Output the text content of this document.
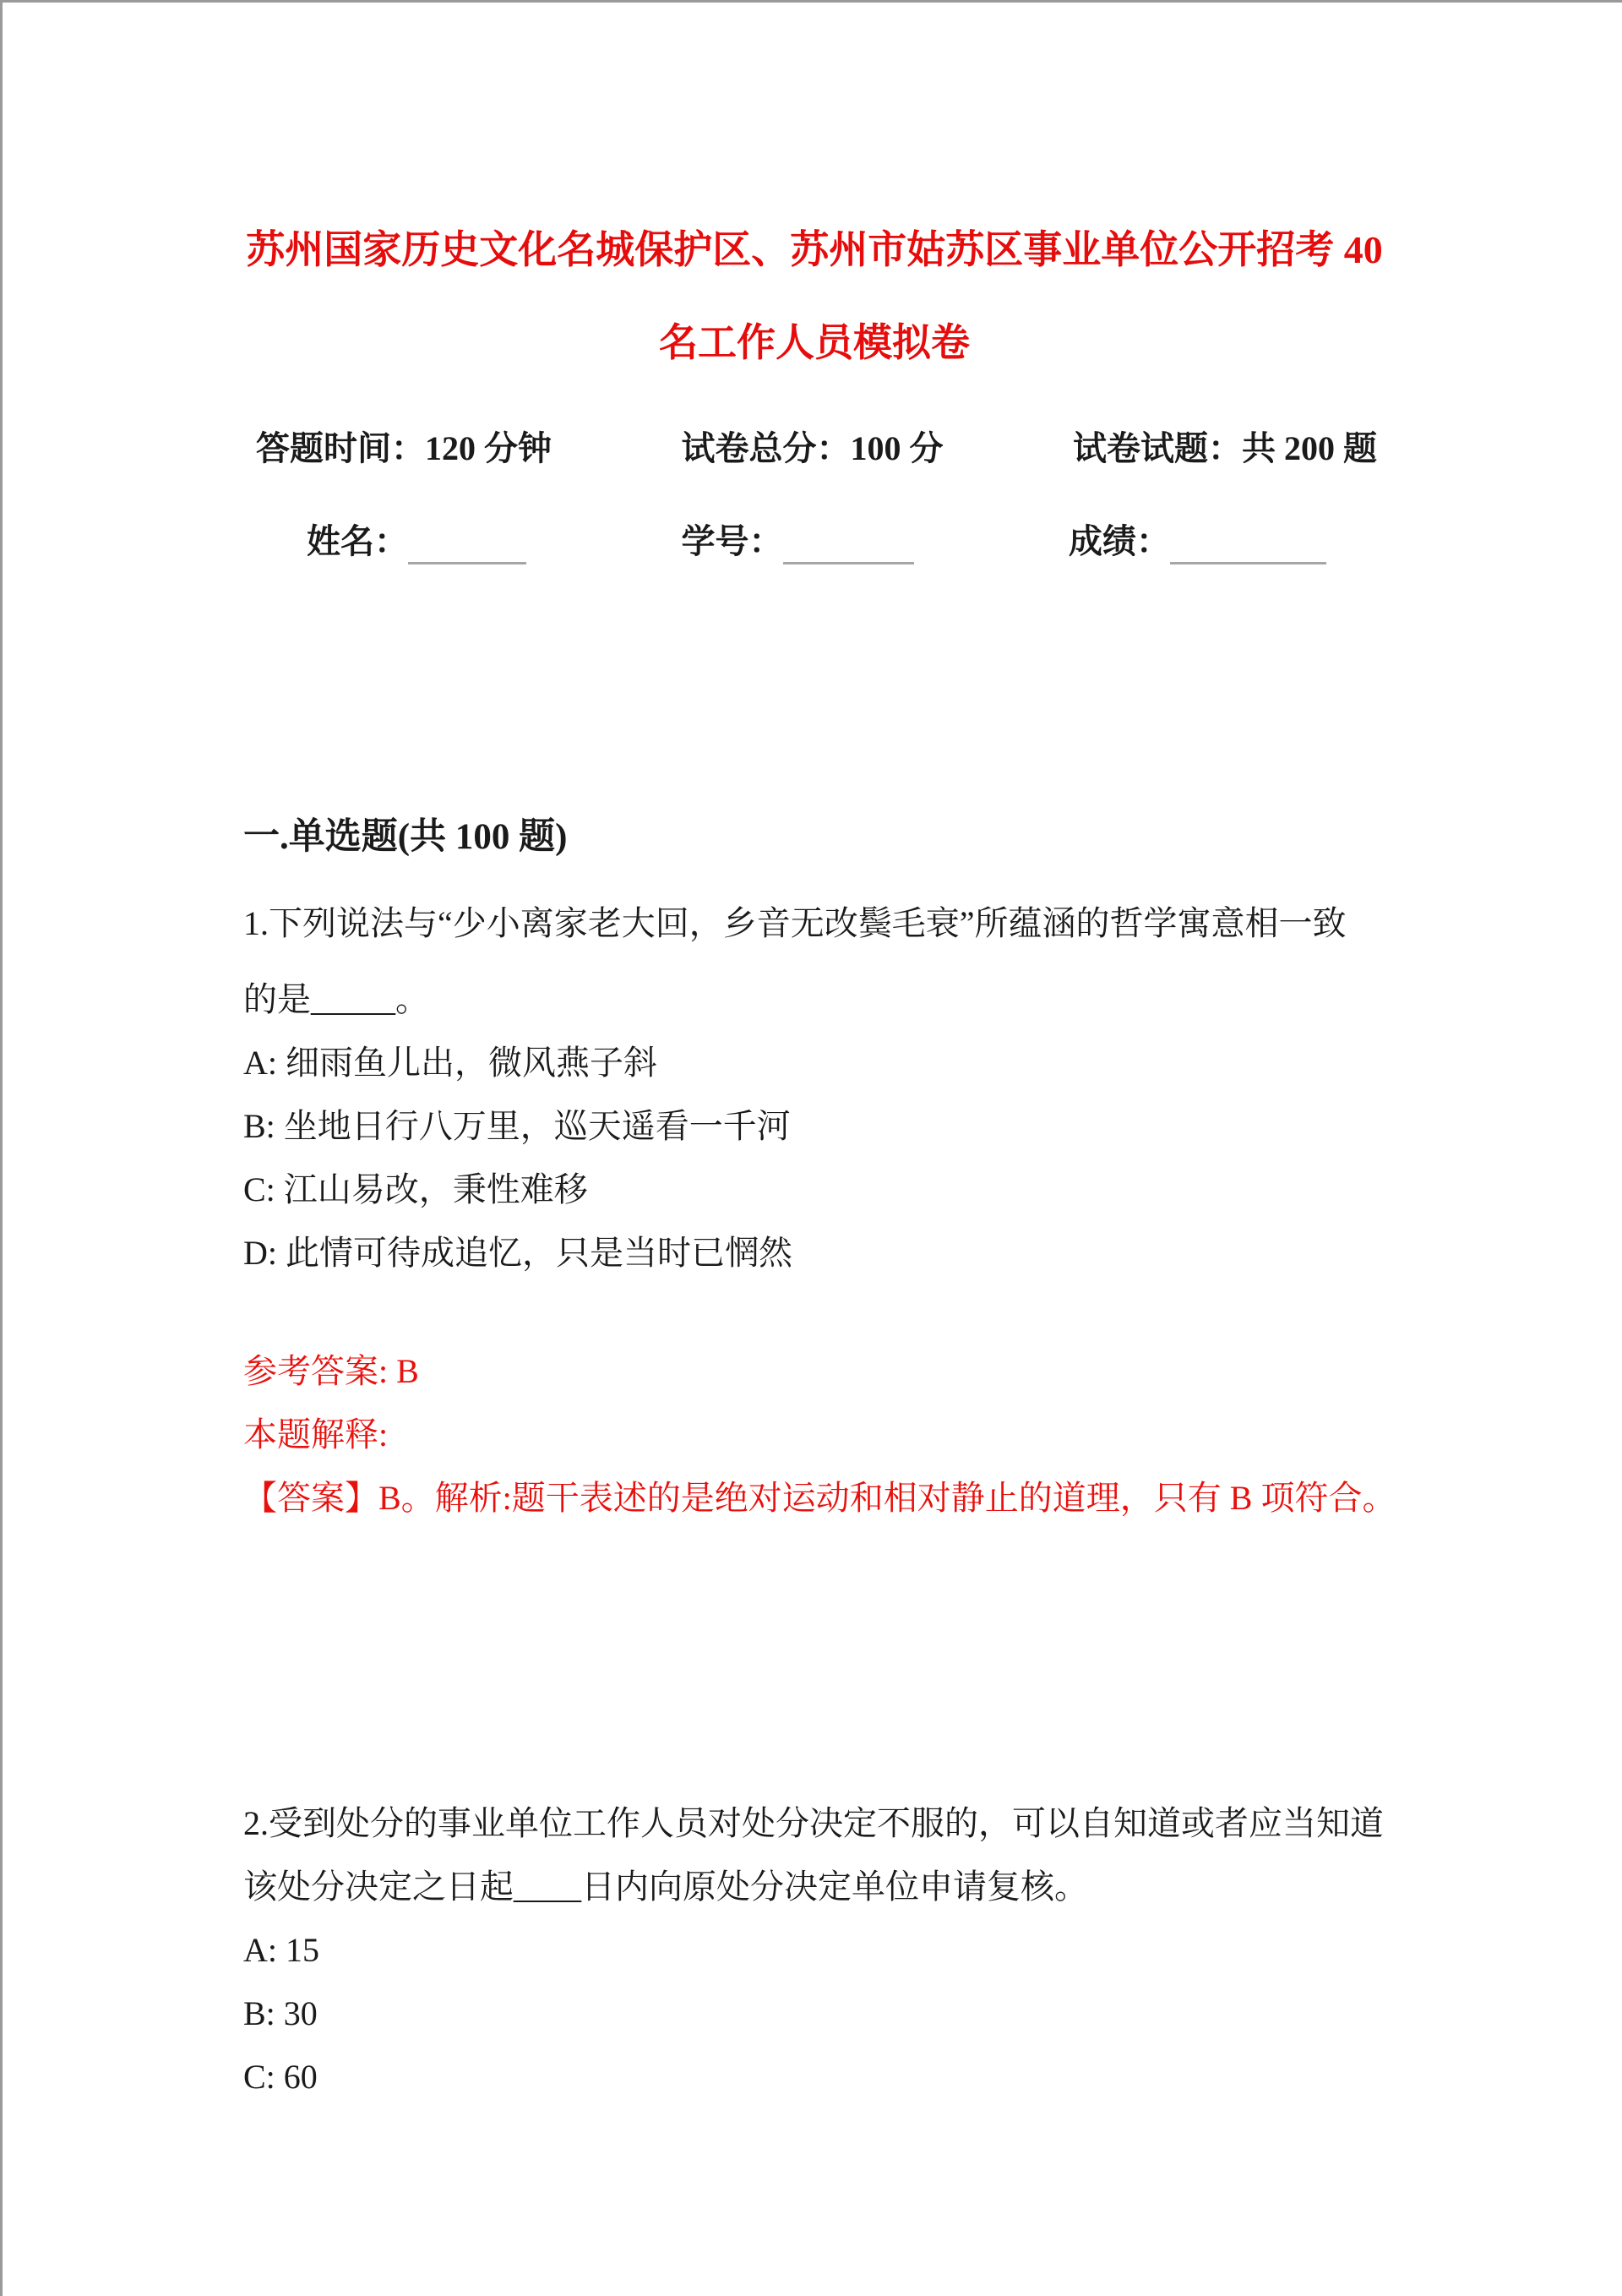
苏州国家历史文化名城保护区、苏州市姑苏区事业单位公开招考 40
名工作人员模拟卷
答题时间：120 分钟	试卷总分：100 分	试卷试题：共 200 题
姓名：	学号：	成绩：
一.单选题(共 100 题)
1.下列说法与“少小离家老大回，乡音无改鬓毛衰”所蕴涵的哲学寓意相一致
的是_____。
A: 细雨鱼儿出，微风燕子斜
B: 坐地日行八万里，巡天遥看一千河
C: 江山易改，秉性难移
D: 此情可待成追忆，只是当时已惘然
参考答案: B
本题解释:
【答案】B。解析:题干表述的是绝对运动和相对静止的道理，只有 B 项符合。
2.受到处分的事业单位工作人员对处分决定不服的，可以自知道或者应当知道
该处分决定之日起____日内向原处分决定单位申请复核。
A: 15
B: 30
C: 60
